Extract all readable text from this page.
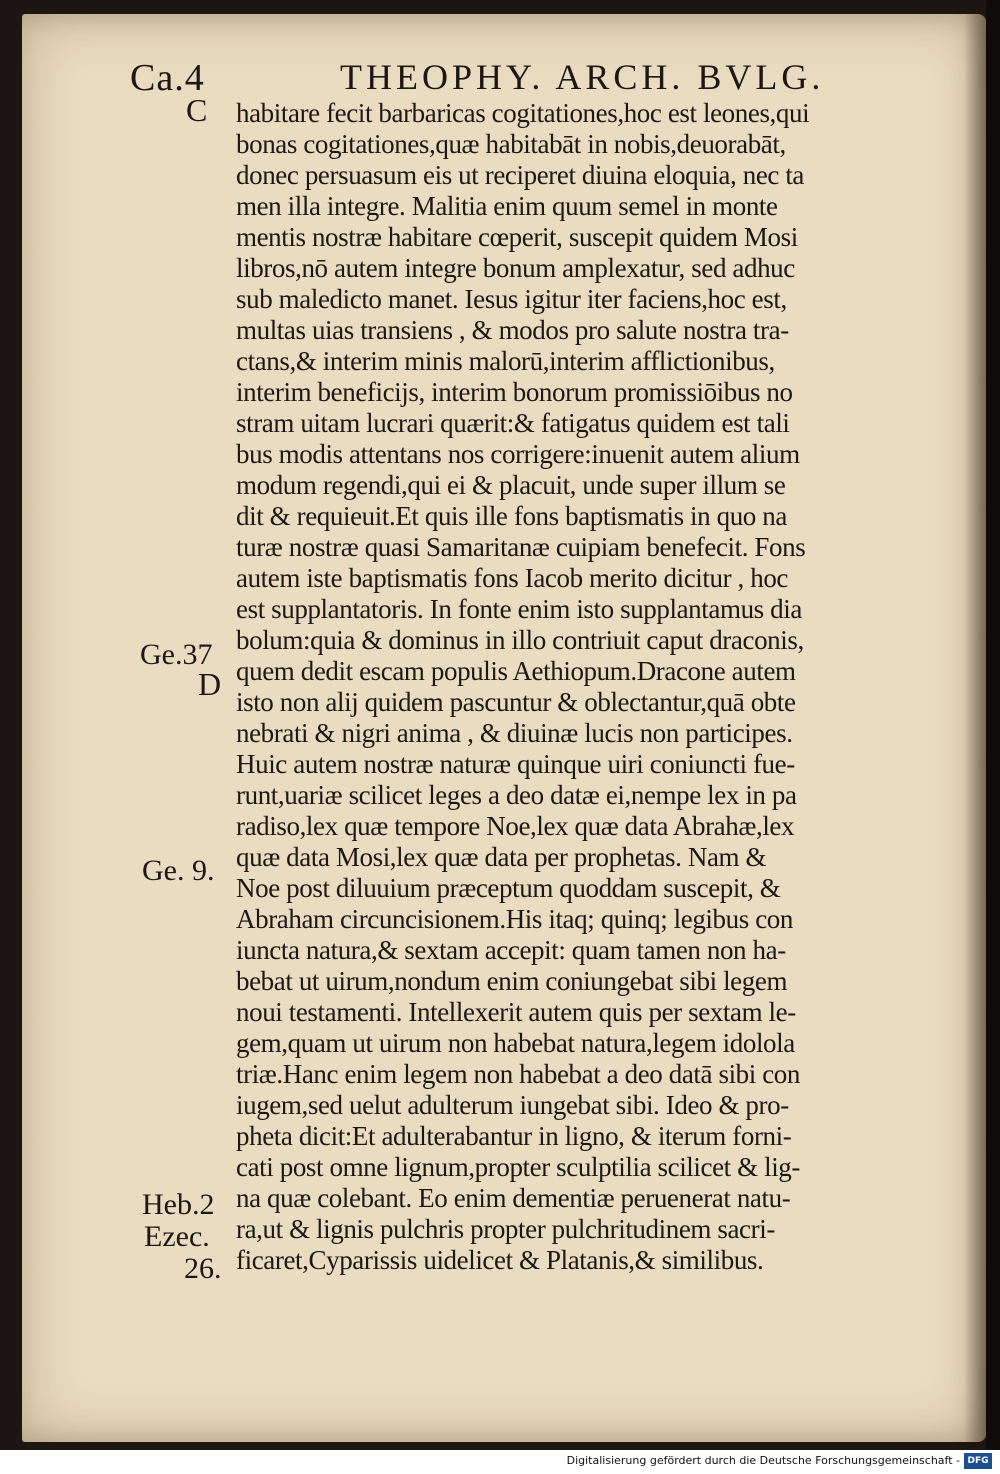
Ca.4	THEOPHY. ARCH. BVLG.
C
Ge.37
D
Ge. 9.
Heb.2
Ezec.
26.
habitare fecit barbaricas cogitationes,hoc est leones,qui
bonas cogitationes,quæ habitabāt in nobis,deuorabāt,
donec persuasum eis ut reciperet diuina eloquia, nec ta
men illa integre. Malitia enim quum semel in monte
mentis nostræ habitare cœperit, suscepit quidem Mosi
libros,nō autem integre bonum amplexatur, sed adhuc
sub maledicto manet. Iesus igitur iter faciens,hoc est,
multas uias transiens , & modos pro salute nostra tra-
ctans,& interim minis malorū,interim afflictionibus,
interim beneficijs, interim bonorum promissiōibus no
stram uitam lucrari quærit:& fatigatus quidem est tali
bus modis attentans nos corrigere:inuenit autem alium
modum regendi,qui ei & placuit, unde super illum se
dit & requieuit.Et quis ille fons baptismatis in quo na
turæ nostræ quasi Samaritanæ cuipiam benefecit. Fons
autem iste baptismatis fons Iacob merito dicitur , hoc
est supplantatoris. In fonte enim isto supplantamus dia
bolum:quia & dominus in illo contriuit caput draconis,
quem dedit escam populis Aethiopum.Dracone autem
isto non alij quidem pascuntur & oblectantur,quā obte
nebrati & nigri anima , & diuinæ lucis non participes.
Huic autem nostræ naturæ quinque uiri coniuncti fue-
runt,uariæ scilicet leges a deo datæ ei,nempe lex in pa
radiso,lex quæ tempore Noe,lex quæ data Abrahæ,lex
quæ data Mosi,lex quæ data per prophetas. Nam &
Noe post diluuium præceptum quoddam suscepit, &
Abraham circuncisionem.His itaq; quinq; legibus con
iuncta natura,& sextam accepit: quam tamen non ha-
bebat ut uirum,nondum enim coniungebat sibi legem
noui testamenti. Intellexerit autem quis per sextam le-
gem,quam ut uirum non habebat natura,legem idolola
triæ.Hanc enim legem non habebat a deo datā sibi con
iugem,sed uelut adulterum iungebat sibi. Ideo & pro-
pheta dicit:Et adulterabantur in ligno, & iterum forni-
cati post omne lignum,propter sculptilia scilicet & lig-
na quæ colebant. Eo enim dementiæ peruenerat natu-
ra,ut & lignis pulchris propter pulchritudinem sacri-
ficaret,Cyparissis uidelicet & Platanis,& similibus.
Digitalisierung gefördert durch die Deutsche Forschungsgemeinschaft - DFG
